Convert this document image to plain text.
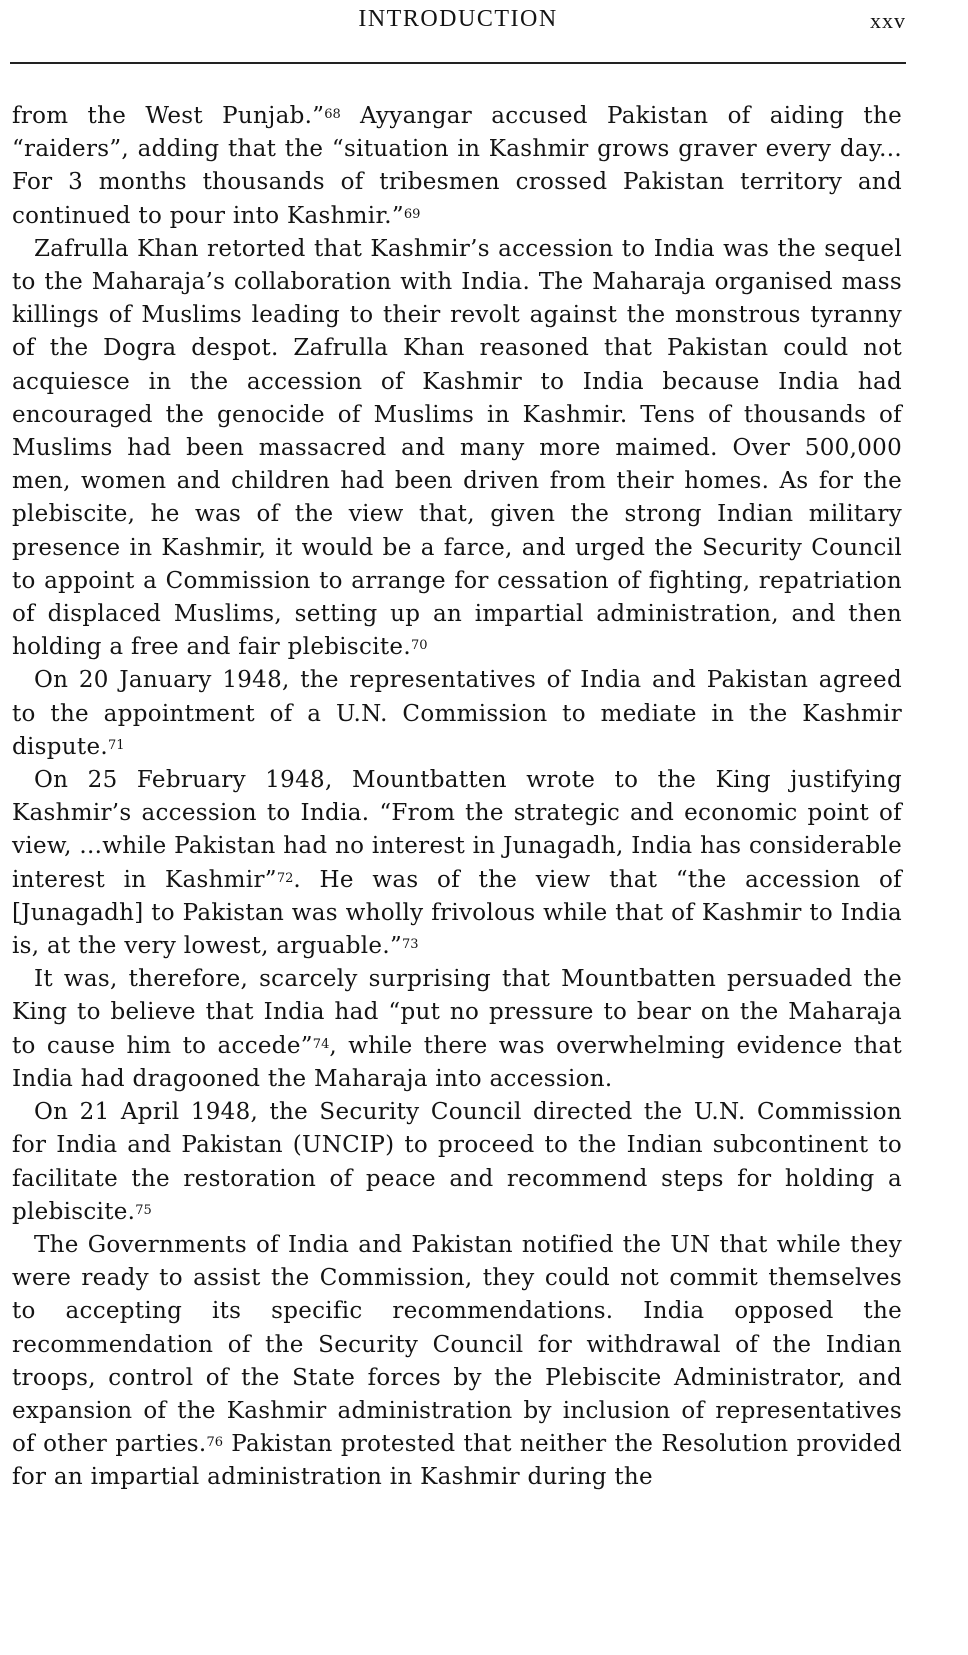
INTRODUCTION	xxv

from the West Punjab.”$^{68}$ Ayyangar accused Pakistan of aiding the “raiders”, adding that the “situation in Kashmir grows graver every day... For 3 months thousands of tribesmen crossed Pakistan territory and continued to pour into Kashmir.”$^{69}$

Zafrulla Khan retorted that Kashmir’s accession to India was the sequel to the Maharaja’s collaboration with India. The Maharaja organised mass killings of Muslims leading to their revolt against the monstrous tyranny of the Dogra despot. Zafrulla Khan reasoned that Pakistan could not acquiesce in the accession of Kashmir to India because India had encouraged the genocide of Muslims in Kashmir. Tens of thousands of Muslims had been massacred and many more maimed. Over 500,000 men, women and children had been driven from their homes. As for the plebiscite, he was of the view that, given the strong Indian military presence in Kashmir, it would be a farce, and urged the Security Council to appoint a Commission to arrange for cessation of fighting, repatriation of displaced Muslims, setting up an impartial administration, and then holding a free and fair plebiscite.$^{70}$

On 20 January 1948, the representatives of India and Pakistan agreed to the appointment of a U.N. Commission to mediate in the Kashmir dispute.$^{71}$

On 25 February 1948, Mountbatten wrote to the King justifying Kashmir’s accession to India. “From the strategic and economic point of view, ...while Pakistan had no interest in Junagadh, India has considerable interest in Kashmir”$^{72}$. He was of the view that “the accession of [Junagadh] to Pakistan was wholly frivolous while that of Kashmir to India is, at the very lowest, arguable.”$^{73}$

It was, therefore, scarcely surprising that Mountbatten persuaded the King to believe that India had “put no pressure to bear on the Maharaja to cause him to accede”$^{74}$, while there was overwhelming evidence that India had dragooned the Maharaja into accession.

On 21 April 1948, the Security Council directed the U.N. Commission for India and Pakistan (UNCIP) to proceed to the Indian subcontinent to facilitate the restoration of peace and recommend steps for holding a plebiscite.$^{75}$

The Governments of India and Pakistan notified the UN that while they were ready to assist the Commission, they could not commit themselves to accepting its specific recommendations. India opposed the recommendation of the Security Council for withdrawal of the Indian troops, control of the State forces by the Plebiscite Administrator, and expansion of the Kashmir administration by inclusion of representatives of other parties.$^{76}$ Pakistan protested that neither the Resolution provided for an impartial administration in Kashmir during the
